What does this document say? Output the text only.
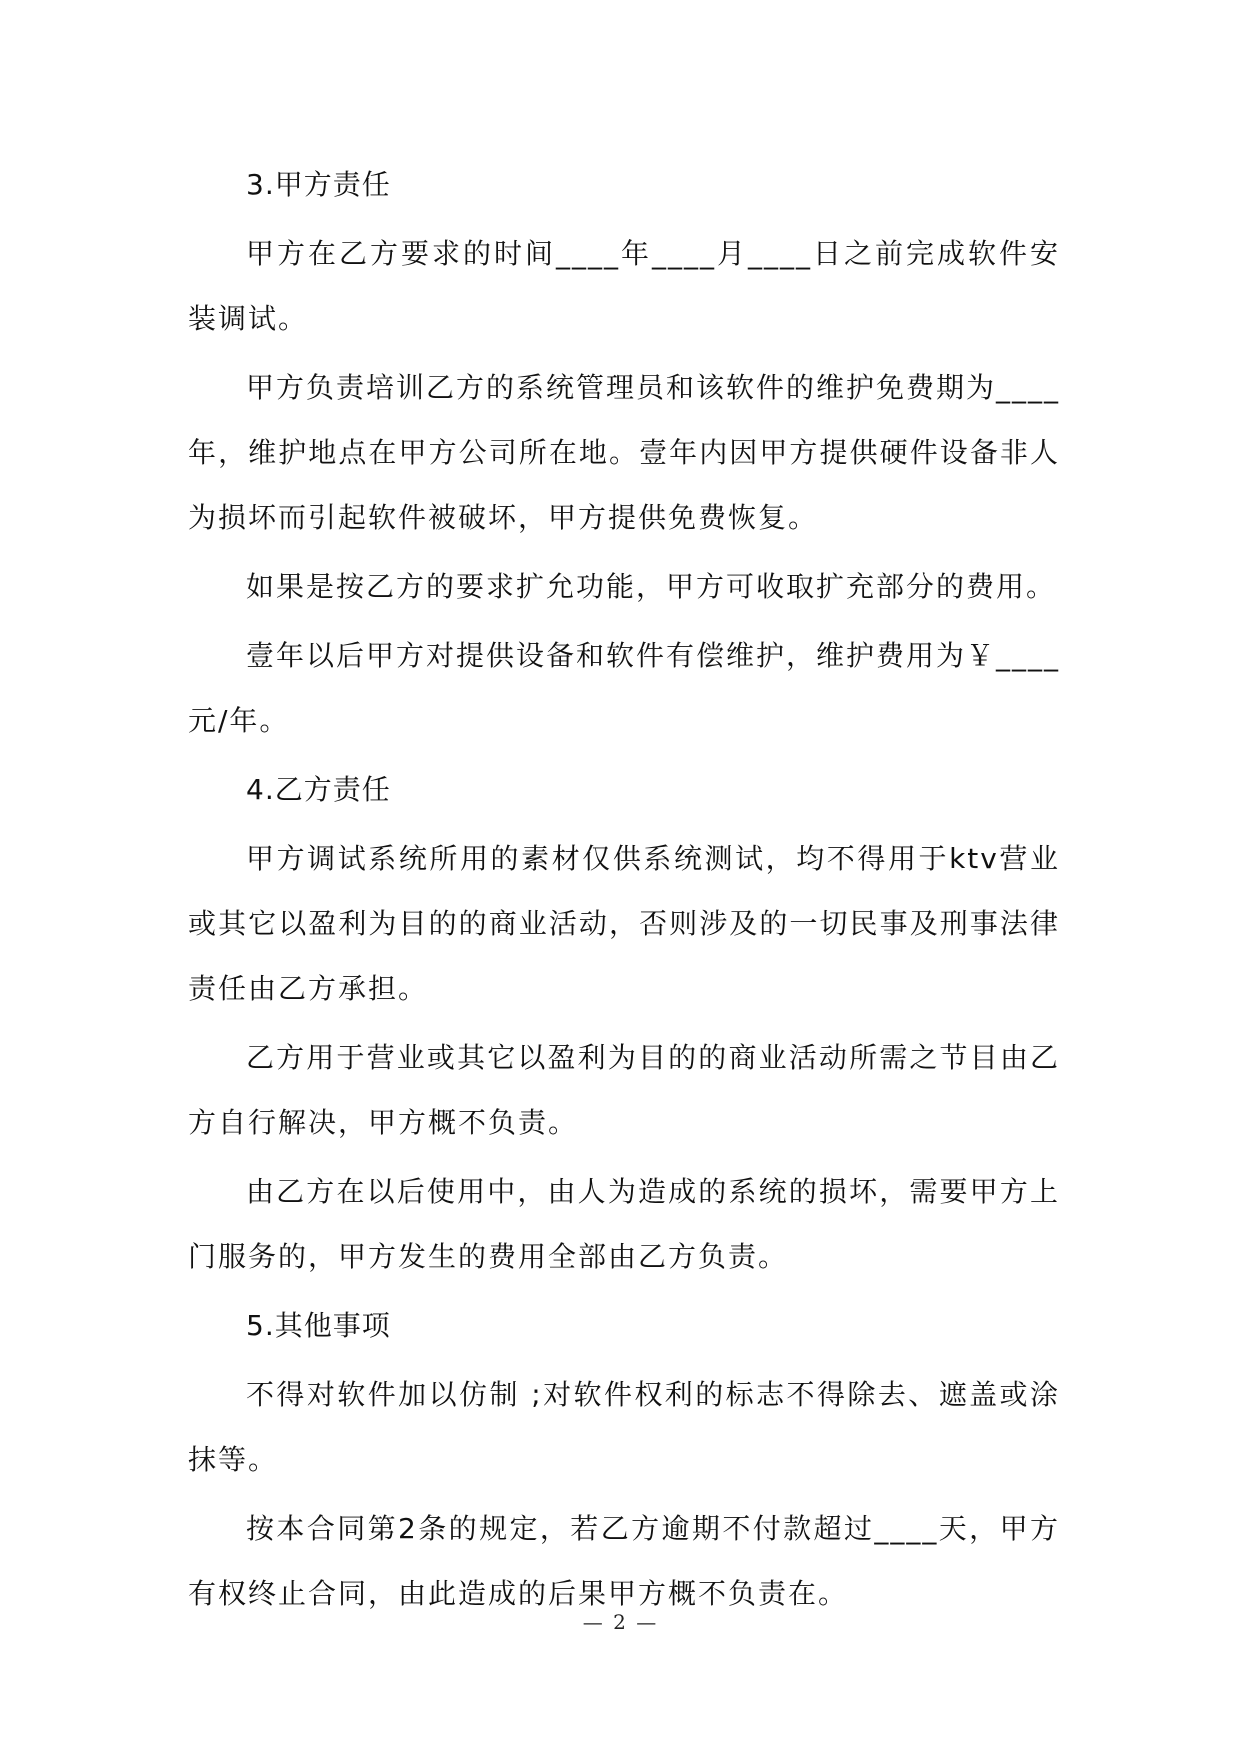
3.甲方责任

甲方在乙方要求的时间____年____月____日之前完成软件安装调试。

甲方负责培训乙方的系统管理员和该软件的维护免费期为____年，维护地点在甲方公司所在地。壹年内因甲方提供硬件设备非人为损坏而引起软件被破坏，甲方提供免费恢复。

如果是按乙方的要求扩允功能，甲方可收取扩充部分的费用。

壹年以后甲方对提供设备和软件有偿维护，维护费用为￥____元/年。

4.乙方责任

甲方调试系统所用的素材仅供系统测试，均不得用于ktv营业或其它以盈利为目的的商业活动，否则涉及的一切民事及刑事法律责任由乙方承担。

乙方用于营业或其它以盈利为目的的商业活动所需之节目由乙方自行解决，甲方概不负责。

由乙方在以后使用中，由人为造成的系统的损坏，需要甲方上门服务的，甲方发生的费用全部由乙方负责。

5.其他事项

不得对软件加以仿制 ;对软件权利的标志不得除去、遮盖或涂抹等。

按本合同第2条的规定，若乙方逾期不付款超过____天，甲方有权终止合同，由此造成的后果甲方概不负责在。

— 2 —
